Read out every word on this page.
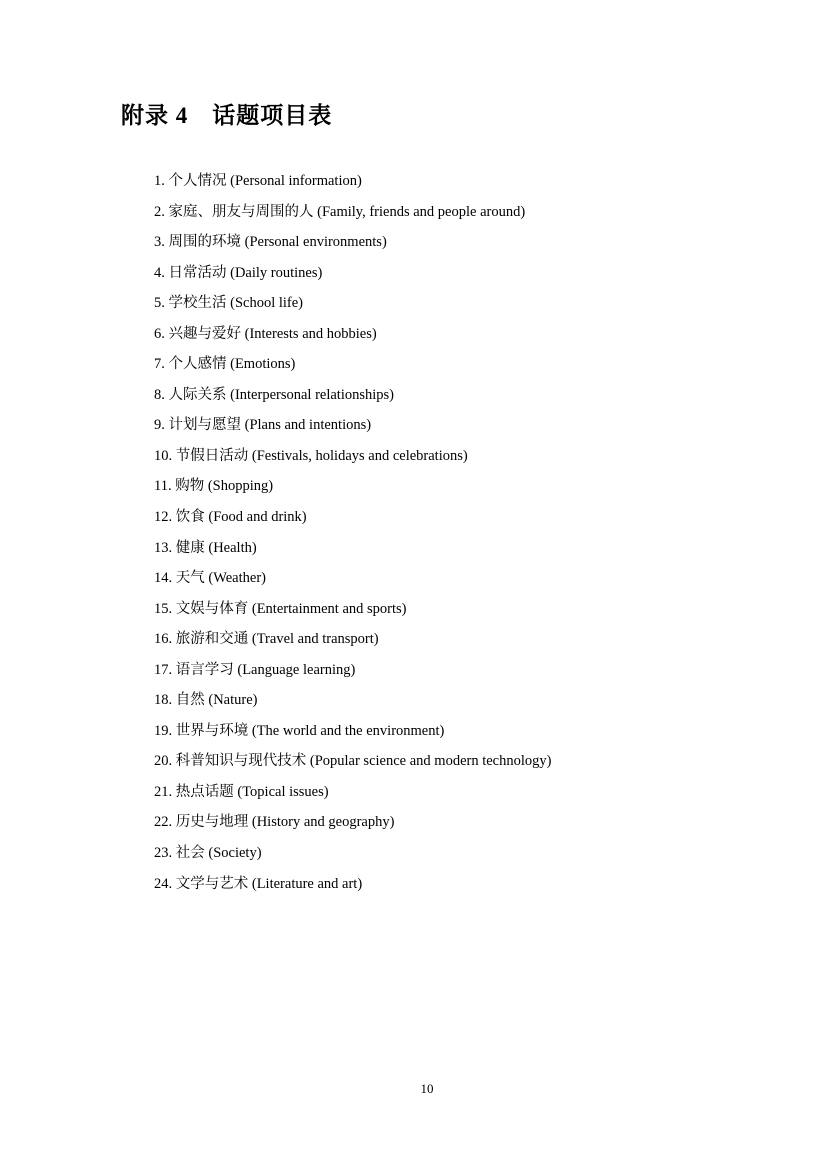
附录 4　话题项目表
1. 个人情况 (Personal information)
2. 家庭、朋友与周围的人 (Family, friends and people around)
3. 周围的环境 (Personal environments)
4. 日常活动 (Daily routines)
5. 学校生活 (School life)
6. 兴趣与爱好 (Interests and hobbies)
7. 个人感情 (Emotions)
8. 人际关系 (Interpersonal relationships)
9. 计划与愿望 (Plans and intentions)
10. 节假日活动 (Festivals, holidays and celebrations)
11. 购物 (Shopping)
12. 饮食 (Food and drink)
13. 健康 (Health)
14. 天气 (Weather)
15. 文娱与体育 (Entertainment and sports)
16. 旅游和交通 (Travel and transport)
17. 语言学习 (Language learning)
18. 自然 (Nature)
19. 世界与环境 (The world and the environment)
20. 科普知识与现代技术 (Popular science and modern technology)
21. 热点话题 (Topical issues)
22. 历史与地理 (History and geography)
23. 社会 (Society)
24. 文学与艺术 (Literature and art)
10
